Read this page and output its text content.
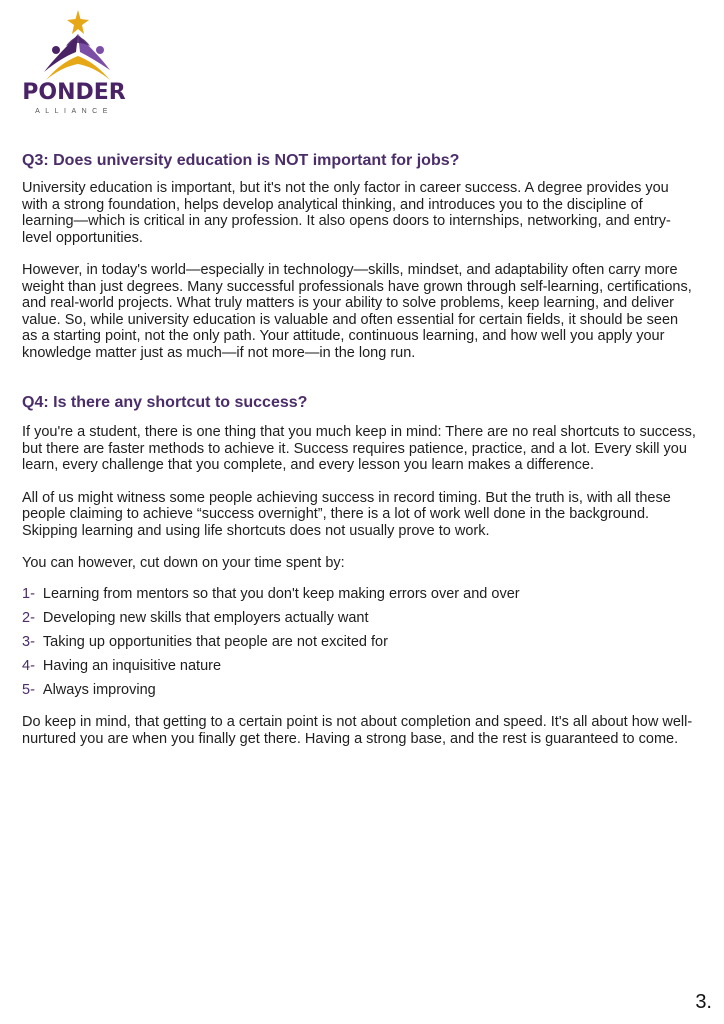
PONDER
ALLIANCE
Q3: Does university education is NOT important for jobs?

University education is important, but it's not the only factor in career success. A degree provides you with a strong foundation, helps develop analytical thinking, and introduces you to the discipline of learning—which is critical in any profession. It also opens doors to internships, networking, and entry-level opportunities.

However, in today's world—especially in technology—skills, mindset, and adaptability often carry more weight than just degrees. Many successful professionals have grown through self-learning, certifications, and real-world projects. What truly matters is your ability to solve problems, keep learning, and deliver value. So, while university education is valuable and often essential for certain fields, it should be seen as a starting point, not the only path. Your attitude, continuous learning, and how well you apply your knowledge matter just as much—if not more—in the long run.

Q4: Is there any shortcut to success?

If you're a student, there is one thing that you much keep in mind: There are no real shortcuts to success, but there are faster methods to achieve it. Success requires patience, practice, and a lot. Every skill you learn, every challenge that you complete, and every lesson you learn makes a difference.

All of us might witness some people achieving success in record timing. But the truth is, with all these people claiming to achieve “success overnight”, there is a lot of work well done in the background. Skipping learning and using life shortcuts does not usually prove to work.

You can however, cut down on your time spent by:

1- Learning from mentors so that you don't keep making errors over and over
2- Developing new skills that employers actually want
3- Taking up opportunities that people are not excited for
4- Having an inquisitive nature
5- Always improving

Do keep in mind, that getting to a certain point is not about completion and speed. It's all about how well-nurtured you are when you finally get there. Having a strong base, and the rest is guaranteed to come.

3.
